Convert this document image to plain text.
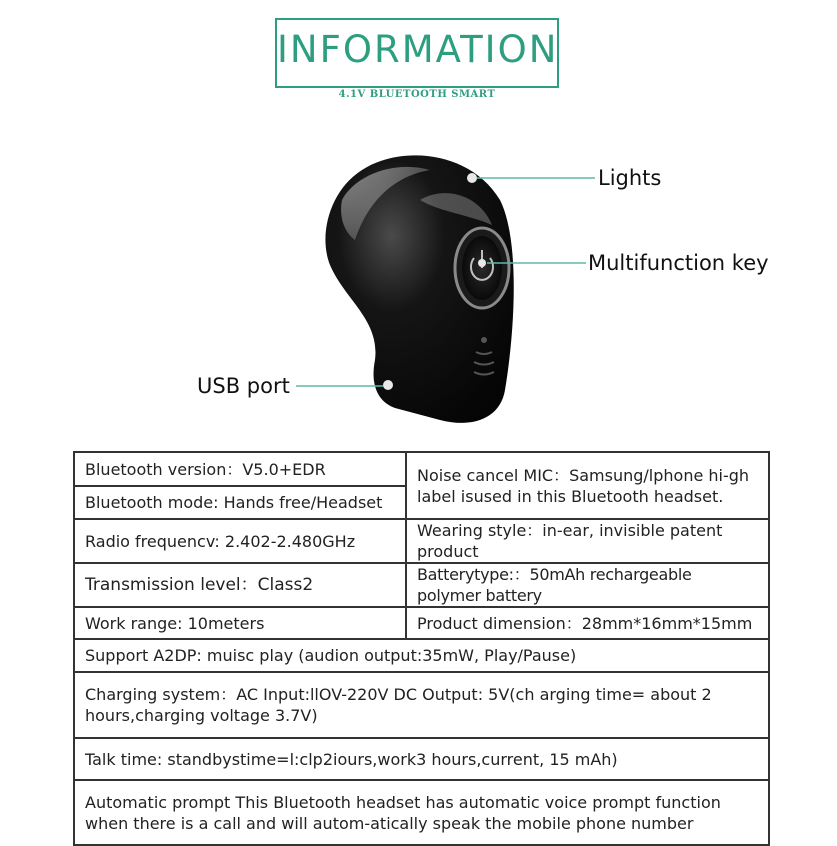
INFORMATION
4.1V BLUETOOTH SMART
Lights
Multifunction key
USB port
Bluetooth version：V5.0+EDR	Noise cancel MIC：Samsung/lphone hi-gh label isused in this Bluetooth headset.
Bluetooth mode: Hands free/Headset	
Radio frequencv: 2.402-2.480GHz	Wearing style：in-ear, invisible patent product
Transmission level：Class2	Batterytype:：50mAh rechargeable polymer battery
Work range: 10meters	Product dimension：28mm*16mm*15mm
Support A2DP: muisc play (audion output:35mW, Play/Pause)	
Charging system：AC Input:llOV-220V DC Output: 5V(ch arging time= about 2 hours,charging voltage 3.7V)	
Talk time: standbystime=l:clp2iours,work3 hours,current, 15 mAh)	
Automatic prompt This Bluetooth headset has automatic voice prompt function when there is a call and will autom-atically speak the mobile phone number	
